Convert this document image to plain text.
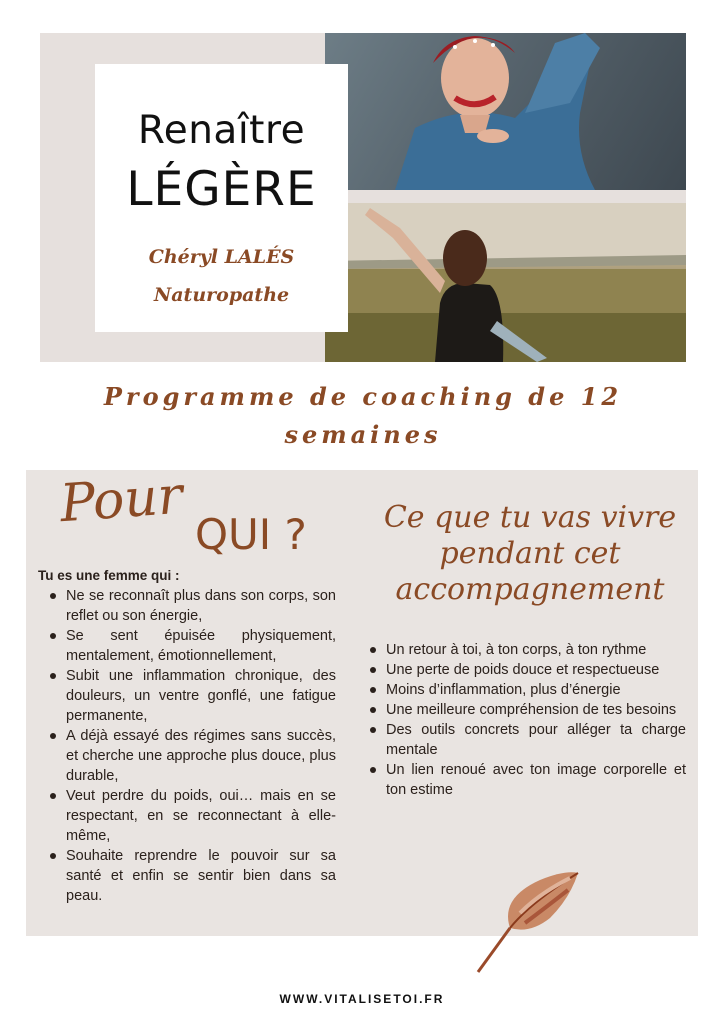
Renaître
LÉGÈRE
Chéryl LALÉS
Naturopathe
Programme de coaching de 12 semaines
Pour
QUI ?
Tu es une femme qui :
Ne se reconnaît plus dans son corps, son reflet ou son énergie,
Se sent épuisée physiquement, mentalement, émotionnellement,
Subit une inflammation chronique, des douleurs, un ventre gonflé, une fatigue permanente,
A déjà essayé des régimes sans succès, et cherche une approche plus douce, plus durable,
Veut perdre du poids, oui… mais en se respectant, en se reconnectant à elle-même,
Souhaite reprendre le pouvoir sur sa santé et enfin se sentir bien dans sa peau.
Ce que tu vas vivre pendant cet accompagnement
Un retour à toi, à ton corps, à ton rythme
Une perte de poids douce et respectueuse
Moins d’inflammation, plus d’énergie
Une meilleure compréhension de tes besoins
Des outils concrets pour alléger ta charge mentale
Un lien renoué avec ton image corporelle et ton estime
WWW.VITALISETOI.FR
